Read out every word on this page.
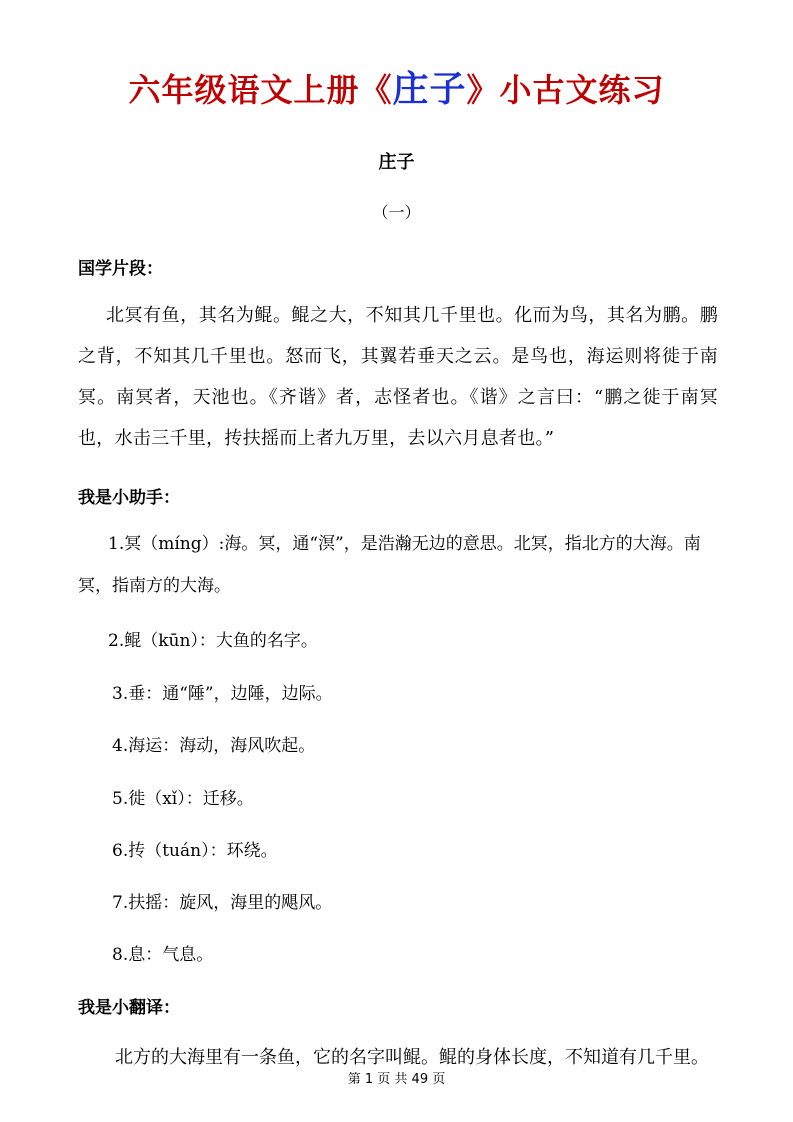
六年级语文上册《庄子》小古文练习
庄子
（一）
国学片段：
北冥有鱼，其名为鲲。鲲之大，不知其几千里也。化而为鸟，其名为鹏。鹏之背，不知其几千里也。怒而飞，其翼若垂天之云。是鸟也，海运则将徙于南冥。南冥者，天池也。《齐谐》者，志怪者也。《谐》之言曰：“鹏之徙于南冥也，水击三千里，抟扶摇而上者九万里，去以六月息者也。”
我是小助手：
1.冥（míng）:海。冥，通“溟”，是浩瀚无边的意思。北冥，指北方的大海。南冥，指南方的大海。
2.鲲（kūn）：大鱼的名字。
3.垂：通“陲”，边陲，边际。
4.海运：海动，海风吹起。
5.徙（xǐ）：迁移。
6.抟（tuán）：环绕。
7.扶摇：旋风，海里的飓风。
8.息：气息。
我是小翻译：
北方的大海里有一条鱼，它的名字叫鲲。鲲的身体长度，不知道有几千里。
第 1 页 共 49 页
